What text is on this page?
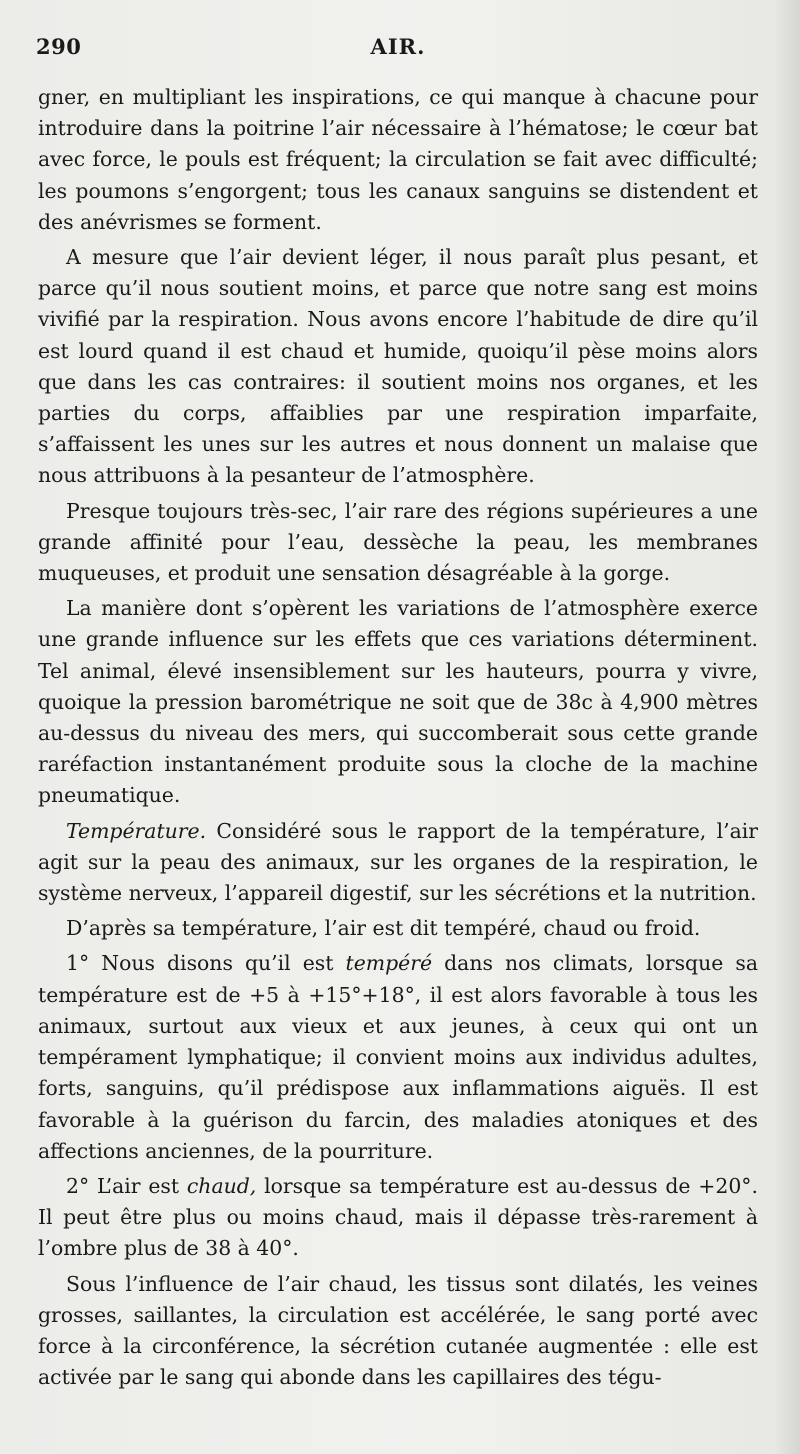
290	AIR.

gner, en multipliant les inspirations, ce qui manque à chacune pour introduire dans la poitrine l’air nécessaire à l’hématose; le cœur bat avec force, le pouls est fréquent; la circulation se fait avec difficulté; les poumons s’engorgent; tous les canaux sanguins se distendent et des anévrismes se forment.

A mesure que l’air devient léger, il nous paraît plus pesant, et parce qu’il nous soutient moins, et parce que notre sang est moins vivifié par la respiration. Nous avons encore l’habitude de dire qu’il est lourd quand il est chaud et humide, quoiqu’il pèse moins alors que dans les cas contraires: il soutient moins nos organes, et les parties du corps, affaiblies par une respiration imparfaite, s’affaissent les unes sur les autres et nous donnent un malaise que nous attribuons à la pesanteur de l’atmosphère.

Presque toujours très-sec, l’air rare des régions supérieures a une grande affinité pour l’eau, dessèche la peau, les membranes muqueuses, et produit une sensation désagréable à la gorge.

La manière dont s’opèrent les variations de l’atmosphère exerce une grande influence sur les effets que ces variations déterminent. Tel animal, élevé insensiblement sur les hauteurs, pourra y vivre, quoique la pression barométrique ne soit que de 38c à 4,900 mètres au-dessus du niveau des mers, qui succomberait sous cette grande raréfaction instantanément produite sous la cloche de la machine pneumatique.

Température. Considéré sous le rapport de la température, l’air agit sur la peau des animaux, sur les organes de la respiration, le système nerveux, l’appareil digestif, sur les sécrétions et la nutrition.

D’après sa température, l’air est dit tempéré, chaud ou froid.

1° Nous disons qu’il est tempéré dans nos climats, lorsque sa température est de +5 à +15°+18°, il est alors favorable à tous les animaux, surtout aux vieux et aux jeunes, à ceux qui ont un tempérament lymphatique; il convient moins aux individus adultes, forts, sanguins, qu’il prédispose aux inflammations aiguës. Il est favorable à la guérison du farcin, des maladies atoniques et des affections anciennes, de la pourriture.

2° L’air est chaud, lorsque sa température est au-dessus de +20°. Il peut être plus ou moins chaud, mais il dépasse très-rarement à l’ombre plus de 38 à 40°.

Sous l’influence de l’air chaud, les tissus sont dilatés, les veines grosses, saillantes, la circulation est accélérée, le sang porté avec force à la circonférence, la sécrétion cutanée augmentée : elle est activée par le sang qui abonde dans les capillaires des tégu-
